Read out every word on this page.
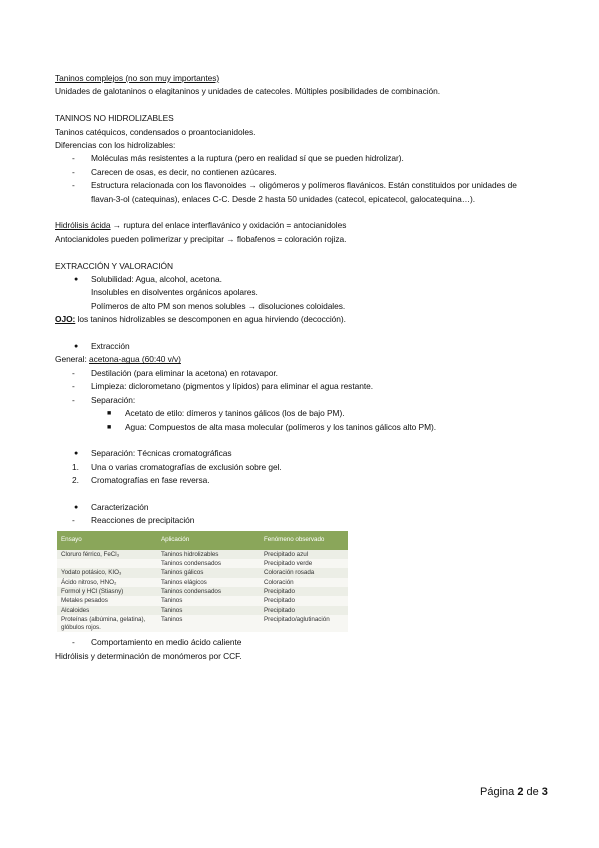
Taninos complejos (no son muy importantes)

Unidades de galotaninos o elagitaninos y unidades de catecoles. Múltiples posibilidades de combinación.

TANINOS NO HIDROLIZABLES

Taninos catéquicos, condensados o proantocianidoles.

Diferencias con los hidrolizables:

-	Moléculas más resistentes a la ruptura (pero en realidad sí que se pueden hidrolizar).
-	Carecen de osas, es decir, no contienen azúcares.
-	Estructura relacionada con los flavonoides → oligómeros y polímeros flavánicos. Están constituidos por unidades de flavan-3-ol (catequinas), enlaces C-C. Desde 2 hasta 50 unidades (catecol, epicatecol, galocatequina…).

Hidrólisis ácida → ruptura del enlace interflavánico y oxidación = antocianidoles

Antocianidoles pueden polimerizar y precipitar → flobafenos = coloración rojiza.

EXTRACCIÓN Y VALORACIÓN

●	Solubilidad: Agua, alcohol, acetona.

Insolubles en disolventes orgánicos apolares.

Polímeros de alto PM son menos solubles → disoluciones coloidales.

OJO: los taninos hidrolizables se descomponen en agua hirviendo (decocción).

●	Extracción

General: acetona-agua (60:40 v/v)

-	Destilación (para eliminar la acetona) en rotavapor.
-	Limpieza: diclorometano (pigmentos y lípidos) para eliminar el agua restante.
-	Separación:
■	Acetato de etilo: dímeros y taninos gálicos (los de bajo PM).
■	Agua: Compuestos de alta masa molecular (polímeros y los taninos gálicos alto PM).
●	Separación: Técnicas cromatográficas
1.	Una o varias cromatografías de exclusión sobre gel.
2.	Cromatografías en fase reversa.
●	Caracterización
-	Reacciones de precipitación
Ensayo	Aplicación	Fenómeno observado
Cloruro férrico, FeCl₃	Taninos hidrolizables	Precipitado azul
	Taninos condensados	Precipitado verde
Yodato potásico, KIO₃	Taninos gálicos	Coloración rosada
Ácido nitroso, HNO₂	Taninos elágicos	Coloración
Formol y HCl (Stiasny)	Taninos condensados	Precipitado
Metales pesados	Taninos	Precipitado
Alcaloides	Taninos	Precipitado
Proteínas (albúmina, gelatina), glóbulos rojos.	Taninos	Precipitado/aglutinación
-	Comportamiento en medio ácido caliente

Hidrólisis y determinación de monómeros por CCF.

Página 2 de 3
